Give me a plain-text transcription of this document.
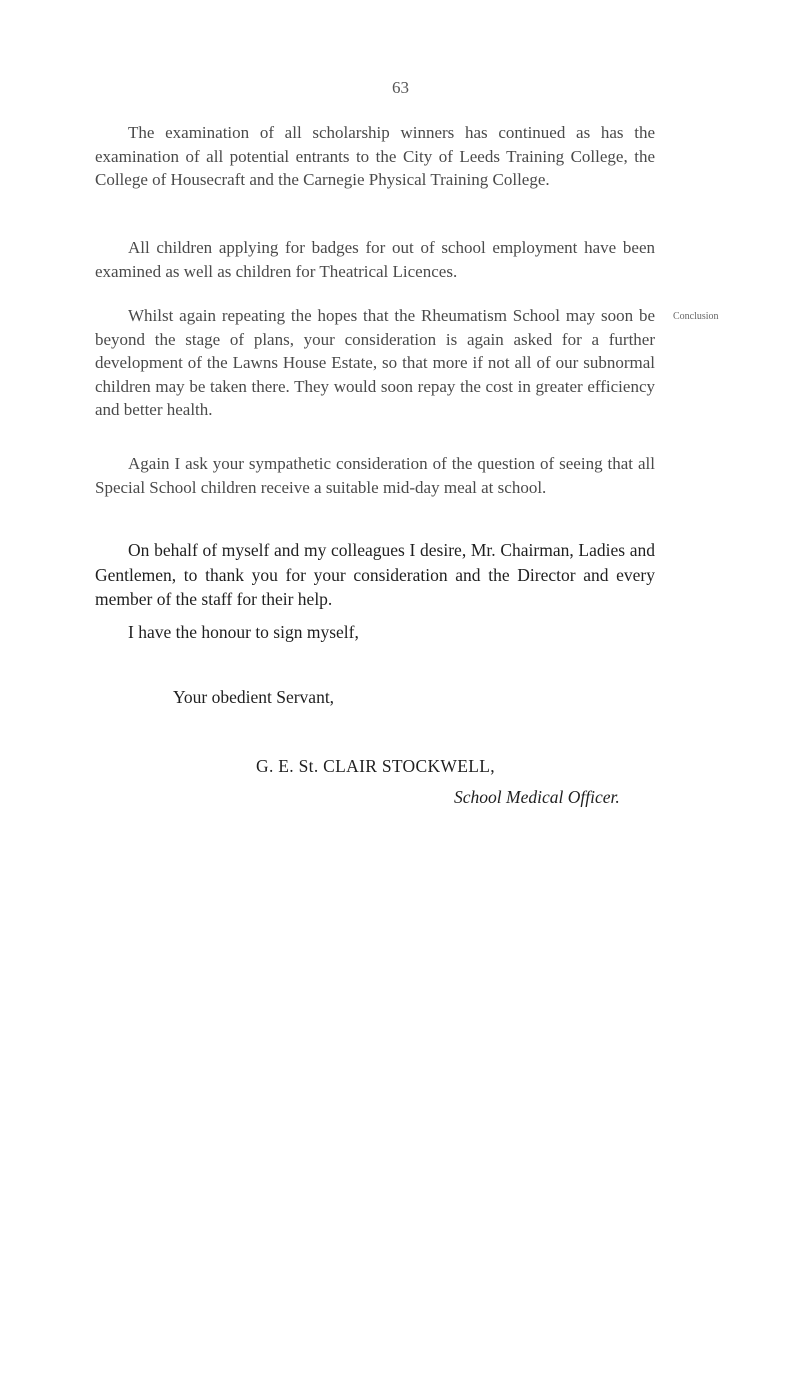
63

The examination of all scholarship winners has continued as has the examination of all potential entrants to the City of Leeds Training College, the College of Housecraft and the Carnegie Physical Training College.

All children applying for badges for out of school employment have been examined as well as children for Theatrical Licences.

Whilst again repeating the hopes that the Rheumatism School may soon be beyond the stage of plans, your consideration is again asked for a further development of the Lawns House Estate, so that more if not all of our subnormal children may be taken there. They would soon repay the cost in greater efficiency and better health.

Conclusion

Again I ask your sympathetic consideration of the question of seeing that all Special School children receive a suitable mid-day meal at school.

On behalf of myself and my colleagues I desire, Mr. Chairman, Ladies and Gentlemen, to thank you for your consideration and the Director and every member of the staff for their help.

I have the honour to sign myself,
Your obedient Servant,
G. E. St. CLAIR STOCKWELL,
School Medical Officer.
